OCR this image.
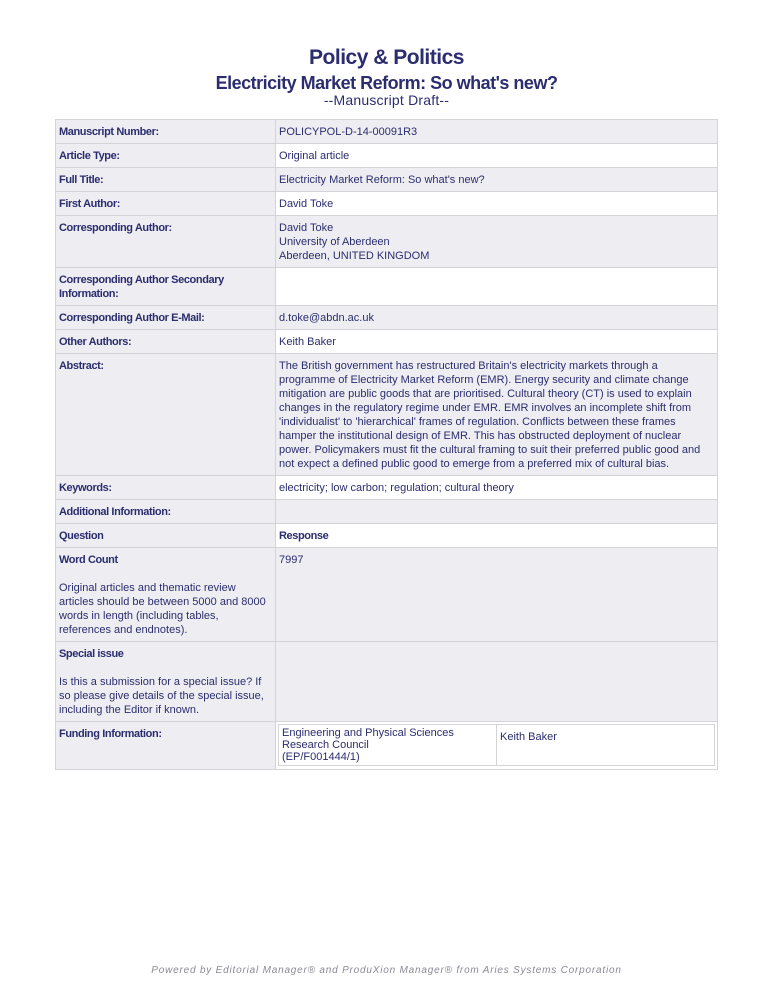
Policy & Politics
Electricity Market Reform: So what's new?
--Manuscript Draft--
Manuscript Number:	POLICYPOL-D-14-00091R3
Article Type:	Original article
Full Title:	Electricity Market Reform: So what's new?
First Author:	David Toke
Corresponding Author:	David Toke
University of Aberdeen
Aberdeen, UNITED KINGDOM

Corresponding Author Secondary Information:	
Corresponding Author E-Mail:	d.toke@abdn.ac.uk
Other Authors:	Keith Baker
Abstract:	The British government has restructured Britain's electricity markets through a programme of Electricity Market Reform (EMR). Energy security and climate change mitigation are public goods that are prioritised. Cultural theory (CT) is used to explain changes in the regulatory regime under EMR. EMR involves an incomplete shift from 'individualist' to 'hierarchical' frames of regulation. Conflicts between these frames hamper the institutional design of EMR. This has obstructed deployment of nuclear power. Policymakers must fit the cultural framing to suit their preferred public good and not expect a defined public good to emerge from a preferred mix of cultural bias.
Keywords:	electricity ; low carbon ; regulation ; cultural theory
Additional Information:	
Question	Response

Word Count
Original articles and thematic review articles should be between 5000 and 8000 words in length (including tables, references and endnotes).
	7997

Special issue
Is this a submission for a special issue? If so please give details of the special issue, including the Editor if known.

Funding Information:		Engineering and Physical Sciences Research Council
(EP/F001444/1)
	Keith Baker
Powered by Editorial Manager® and ProduXion Manager® from Aries Systems Corporation
